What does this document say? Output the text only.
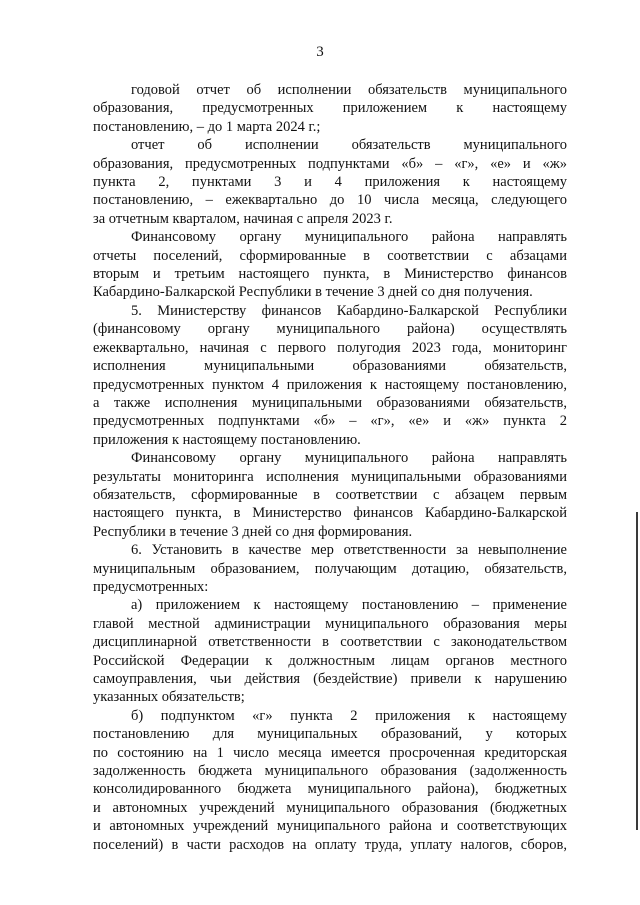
3

годовой отчет об исполнении обязательств муниципального
образования, предусмотренных приложением к настоящему
постановлению, – до 1 марта 2024 г.;

отчет об исполнении обязательств муниципального
образования, предусмотренных подпунктами «б» – «г», «е» и «ж»
пункта 2, пунктами 3 и 4 приложения к настоящему
постановлению, – ежеквартально до 10 числа месяца, следующего
за отчетным кварталом, начиная с апреля 2023 г.

Финансовому органу муниципального района направлять
отчеты поселений, сформированные в соответствии с абзацами
вторым и третьим настоящего пункта, в Министерство финансов
Кабардино-Балкарской Республики в течение 3 дней со дня получения.

5. Министерству финансов Кабардино-Балкарской Республики
(финансовому органу муниципального района) осуществлять
ежеквартально, начиная с первого полугодия 2023 года, мониторинг
исполнения муниципальными образованиями обязательств,
предусмотренных пунктом 4 приложения к настоящему постановлению,
а также исполнения муниципальными образованиями обязательств,
предусмотренных подпунктами «б» – «г», «е» и «ж» пункта 2
приложения к настоящему постановлению.

Финансовому органу муниципального района направлять
результаты мониторинга исполнения муниципальными образованиями
обязательств, сформированные в соответствии с абзацем первым
настоящего пункта, в Министерство финансов Кабардино-Балкарской
Республики в течение 3 дней со дня формирования.

6. Установить в качестве мер ответственности за невыполнение
муниципальным образованием, получающим дотацию, обязательств,
предусмотренных:

а) приложением к настоящему постановлению – применение
главой местной администрации муниципального образования меры
дисциплинарной ответственности в соответствии с законодательством
Российской Федерации к должностным лицам органов местного
самоуправления, чьи действия (бездействие) привели к нарушению
указанных обязательств;

б) подпунктом «г» пункта 2 приложения к настоящему
постановлению для муниципальных образований, у которых
по состоянию на 1 число месяца имеется просроченная кредиторская
задолженность бюджета муниципального образования (задолженность
консолидированного бюджета муниципального района), бюджетных
и автономных учреждений муниципального образования (бюджетных
и автономных учреждений муниципального района и соответствующих
поселений) в части расходов на оплату труда, уплату налогов, сборов,
